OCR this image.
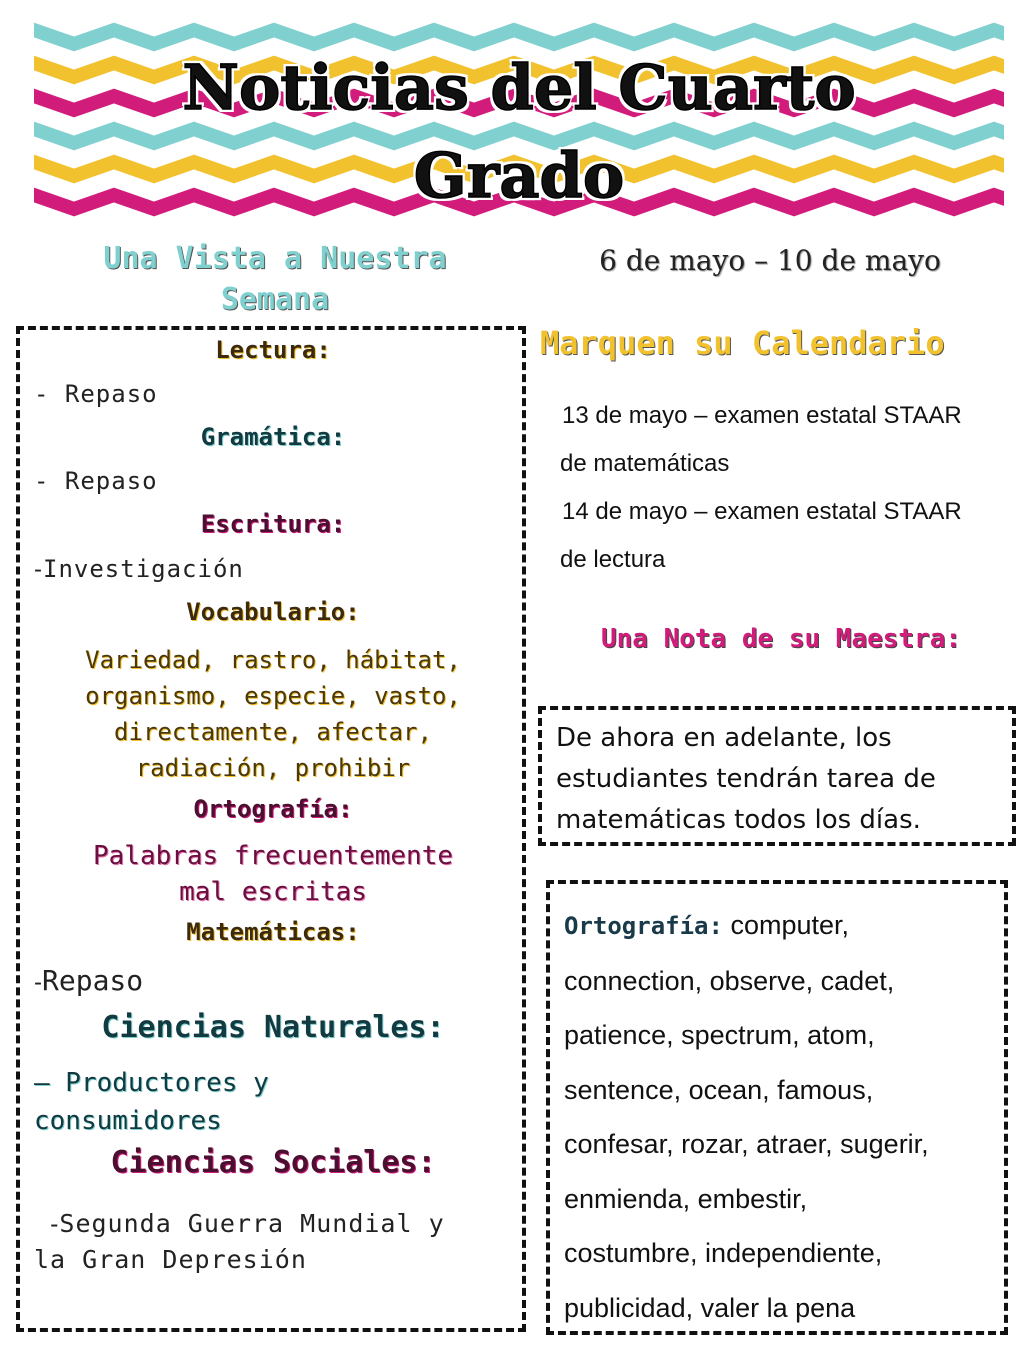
Noticias del Cuarto
Grado
Una Vista a Nuestra
Semana
6 de mayo – 10 de mayo
Lectura:
- Repaso
Gramática:
- Repaso
Escritura:
-Investigación
Vocabulario:
Variedad, rastro, hábitat,
organismo, especie, vasto,
directamente, afectar,
radiación, prohibir
Ortografía:
Palabras frecuentemente
mal escritas
Matemáticas:
-Repaso
Ciencias Naturales:
– Productores y
consumidores
Ciencias Sociales:
-Segunda Guerra Mundial y
la Gran Depresión
Marquen su Calendario
13 de mayo – examen estatal STAAR
de matemáticas
14 de mayo – examen estatal STAAR
de lectura
Una Nota de su Maestra:
De ahora en adelante, los
estudiantes tendrán tarea de
matemáticas todos los días.
Ortografía: computer,
connection, observe, cadet,
patience, spectrum, atom,
sentence, ocean, famous,
confesar, rozar, atraer, sugerir,
enmienda, embestir,
costumbre, independiente,
publicidad, valer la pena
